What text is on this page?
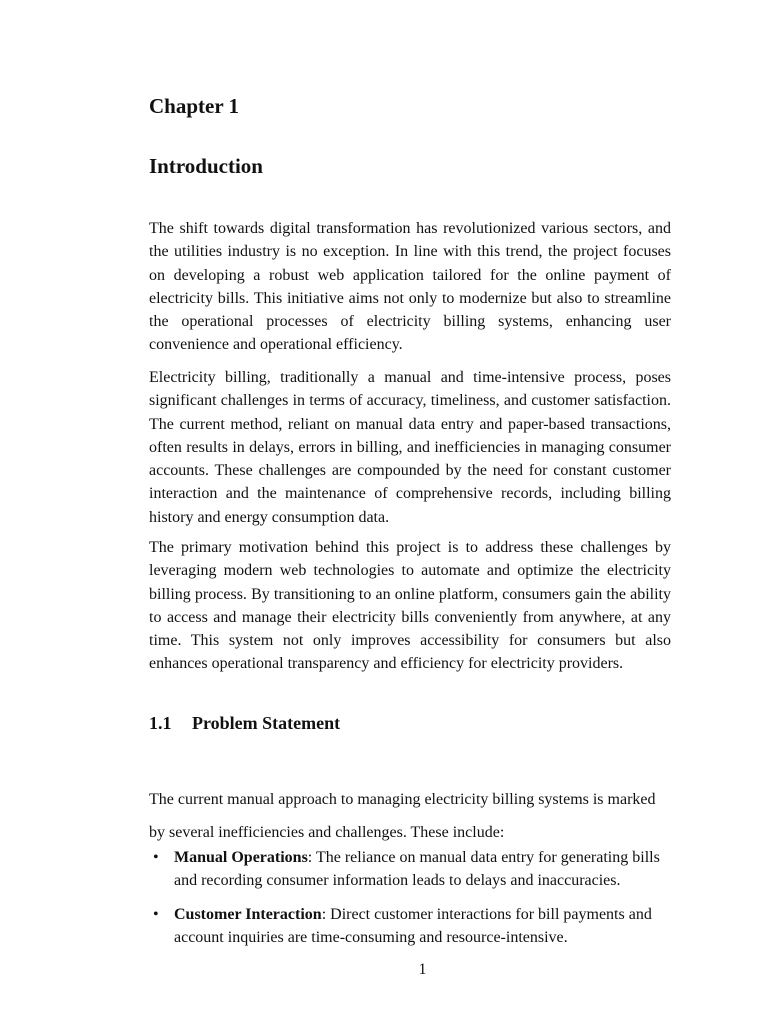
Chapter 1
Introduction

The shift towards digital transformation has revolutionized various sectors, and the utilities industry is no exception. In line with this trend, the project focuses on developing a robust web application tailored for the online payment of electricity bills. This initiative aims not only to modernize but also to streamline the operational processes of electricity billing systems, enhancing user convenience and operational efficiency.

Electricity billing, traditionally a manual and time-intensive process, poses significant challenges in terms of accuracy, timeliness, and customer satisfaction. The current method, reliant on manual data entry and paper-based transactions, often results in delays, errors in billing, and inefficiencies in managing consumer accounts. These challenges are compounded by the need for constant customer interaction and the maintenance of comprehensive records, including billing history and energy consumption data.

The primary motivation behind this project is to address these challenges by leveraging modern web technologies to automate and optimize the electricity billing process. By transitioning to an online platform, consumers gain the ability to access and manage their electricity bills conveniently from anywhere, at any time. This system not only improves accessibility for consumers but also enhances operational transparency and efficiency for electricity providers.

1.1 Problem Statement

The current manual approach to managing electricity billing systems is marked by several inefficiencies and challenges. These include:

• Manual Operations: The reliance on manual data entry for generating bills and recording consumer information leads to delays and inaccuracies.
• Customer Interaction: Direct customer interactions for bill payments and account inquiries are time-consuming and resource-intensive.

1
